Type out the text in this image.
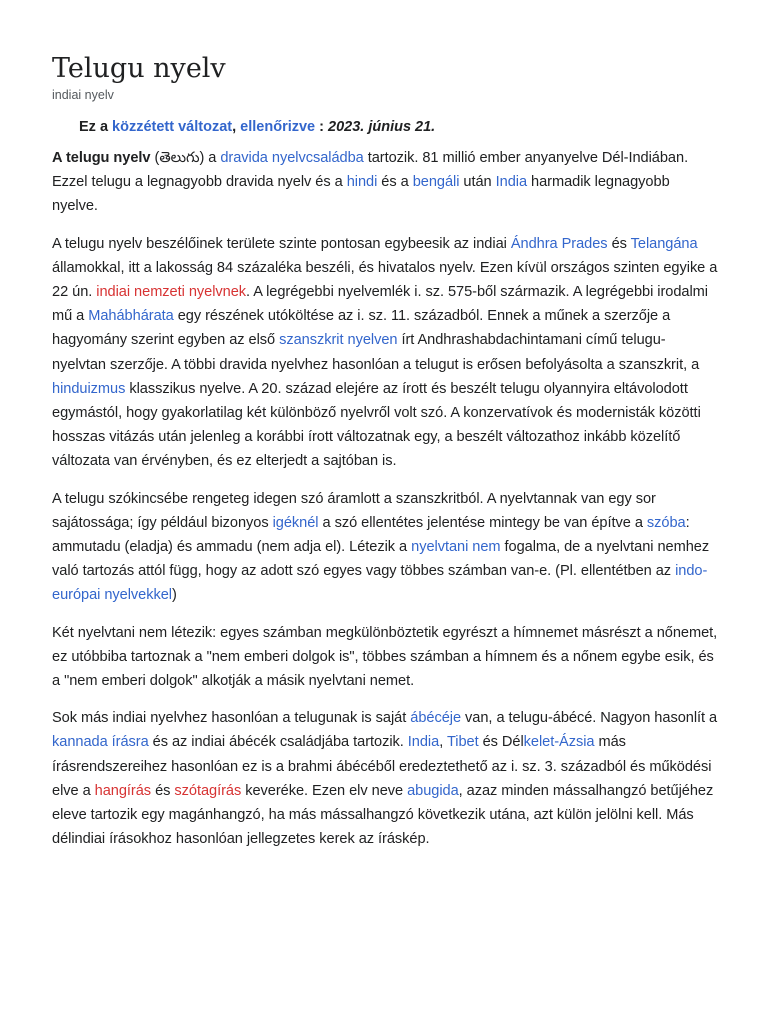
Telugu nyelv
indiai nyelv
Ez a közzétett változat, ellenőrizve : 2023. június 21.

A telugu nyelv (తెలుగు) a dravida nyelvcsaládba tartozik. 81 millió ember anyanyelve Dél-Indiában. Ezzel telugu a legnagyobb dravida nyelv és a hindi és a bengáli után India harmadik legnagyobb nyelve.

A telugu nyelv beszélőinek területe szinte pontosan egybeesik az indiai Ándhra Prades és Telangána államokkal, itt a lakosság 84 százaléka beszéli, és hivatalos nyelv. Ezen kívül országos szinten egyike a 22 ún. indiai nemzeti nyelvnek. A legrégebbi nyelvemlék i. sz. 575-ből származik. A legrégebbi irodalmi mű a Mahábhárata egy részének utóköltése az i. sz. 11. századból. Ennek a műnek a szerzője a hagyomány szerint egyben az első szanszkrit nyelven írt Andhrashabdachintamani című telugu-nyelvtan szerzője. A többi dravida nyelvhez hasonlóan a telugut is erősen befolyásolta a szanszkrit, a hinduizmus klasszikus nyelve. A 20. század elejére az írott és beszélt telugu olyannyira eltávolodott egymástól, hogy gyakorlatilag két különböző nyelvről volt szó. A konzervatívok és modernisták közötti hosszas vitázás után jelenleg a korábbi írott változatnak egy, a beszélt változathoz inkább közelítő változata van érvényben, és ez elterjedt a sajtóban is.

A telugu szókincsébe rengeteg idegen szó áramlott a szanszkritból. A nyelvtannak van egy sor sajátossága; így például bizonyos igéknél a szó ellentétes jelentése mintegy be van építve a szóba: ammutadu (eladja) és ammadu (nem adja el). Létezik a nyelvtani nem fogalma, de a nyelvtani nemhez való tartozás attól függ, hogy az adott szó egyes vagy többes számban van-e. (Pl. ellentétben az indo-európai nyelvekkel)

Két nyelvtani nem létezik: egyes számban megkülönböztetik egyrészt a hímnemet másrészt a nőnemet, ez utóbbiba tartoznak a "nem emberi dolgok is", többes számban a hímnem és a nőnem egybe esik, és a "nem emberi dolgok" alkotják a másik nyelvtani nemet.

Sok más indiai nyelvhez hasonlóan a telugunak is saját ábécéje van, a telugu-ábécé. Nagyon hasonlít a kannada írásra és az indiai ábécék családjába tartozik. India, Tibet és Délkelet-Ázsia más írásrendszereihez hasonlóan ez is a brahmi ábécéből eredeztethető az i. sz. 3. századból és működési elve a hangírás és szótagírás keveréke. Ezen elv neve abugida, azaz minden mássalhangzó betűjéhez eleve tartozik egy magánhangzó, ha más mássalhangzó következik utána, azt külön jelölni kell. Más délindiai írásokhoz hasonlóan jellegzetes kerek az íráskép.
